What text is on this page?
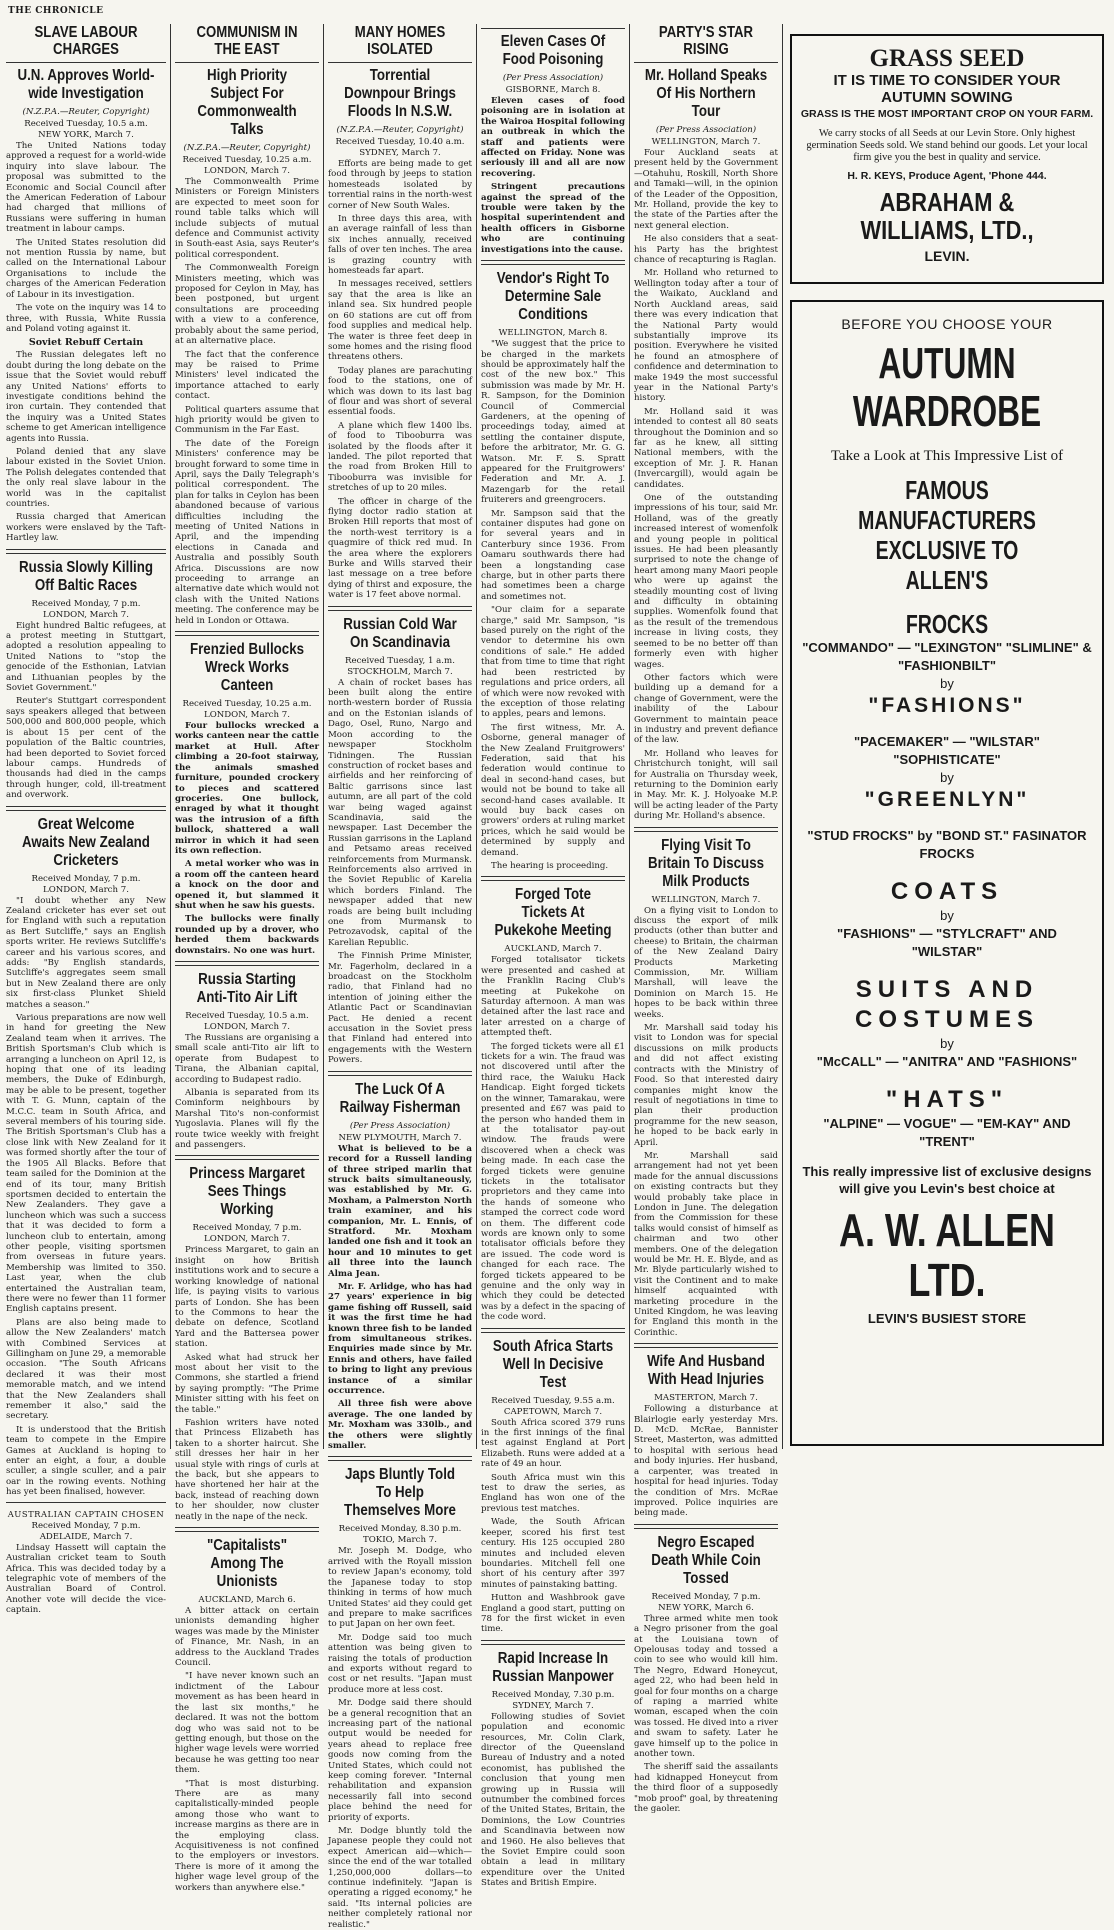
THE CHRONICLE
SLAVE LABOUR CHARGES
U.N. Approves World-wide Investigation
(N.Z.P.A.—Reuter, Copyright)
Received Tuesday, 10.5 a.m.
NEW YORK, March 7.

The United Nations today approved a request for a world-wide inquiry into slave labour. The proposal was submitted to the Economic and Social Council after the American Federation of Labour had charged that millions of Russians were suffering in human treatment in labour camps.

The United States resolution did not mention Russia by name, but called on the International Labour Organisations to include the charges of the American Federation of Labour in its investigation.

The vote on the inquiry was 14 to three, with Russia, White Russia and Poland voting against it.

Soviet Rebuff Certain

The Russian delegates left no doubt during the long debate on the issue that the Soviet would rebuff any United Nations' efforts to investigate conditions behind the iron curtain. They contended that the inquiry was a United States scheme to get American intelligence agents into Russia.

Poland denied that any slave labour existed in the Soviet Union. The Polish delegates contended that the only real slave labour in the world was in the capitalist countries.

Russia charged that American workers were enslaved by the Taft-Hartley law.

Russia Slowly Killing Off Baltic Races
Received Monday, 7 p.m.
LONDON, March 7.

Eight hundred Baltic refugees, at a protest meeting in Stuttgart, adopted a resolution appealing to United Nations to "stop the genocide of the Esthonian, Latvian and Lithuanian peoples by the Soviet Government."

Reuter's Stuttgart correspondent says speakers alleged that between 500,000 and 800,000 people, which is about 15 per cent of the population of the Baltic countries, had been deported to Soviet forced labour camps. Hundreds of thousands had died in the camps through hunger, cold, ill-treatment and overwork.

Great Welcome Awaits New Zealand Cricketers
Received Monday, 7 p.m.
LONDON, March 7.

"I doubt whether any New Zealand cricketer has ever set out for England with such a reputation as Bert Sutcliffe," says an English sports writer. He reviews Sutcliffe's career and his various scores, and adds: "By English standards, Sutcliffe's aggregates seem small but in New Zealand there are only six first-class Plunket Shield matches a season."

Various preparations are now well in hand for greeting the New Zealand team when it arrives. The British Sportsman's Club which is arranging a luncheon on April 12, is hoping that one of its leading members, the Duke of Edinburgh, may be able to be present, together with T. G. Munn, captain of the M.C.C. team in South Africa, and several members of his touring side. The British Sportsman's Club has a close link with New Zealand for it was formed shortly after the tour of the 1905 All Blacks. Before that team sailed for the Dominion at the end of its tour, many British sportsmen decided to entertain the New Zealanders. They gave a luncheon which was such a success that it was decided to form a luncheon club to entertain, among other people, visiting sportsmen from overseas in future years. Membership was limited to 350. Last year, when the club entertained the Australian team, there were no fewer than 11 former English captains present.

Plans are also being made to allow the New Zealanders' match with Combined Services at Gillingham on June 29, a memorable occasion. "The South Africans declared it was their most memorable match, and we intend that the New Zealanders shall remember it also," said the secretary.

It is understood that the British team to compete in the Empire Games at Auckland is hoping to enter an eight, a four, a double sculler, a single sculler, and a pair oar in the rowing events. Nothing has yet been finalised, however.

AUSTRALIAN CAPTAIN CHOSEN
Received Monday, 7 p.m.
ADELAIDE, March 7.

Lindsay Hassett will captain the Australian cricket team to South Africa. This was decided today by a telegraphic vote of members of the Australian Board of Control. Another vote will decide the vice-captain.

COMMUNISM IN THE EAST
High Priority Subject For Commonwealth Talks
(N.Z.P.A.—Reuter, Copyright)
Received Tuesday, 10.25 a.m.
LONDON, March 7.

The Commonwealth Prime Ministers or Foreign Ministers are expected to meet soon for round table talks which will include subjects of mutual defence and Communist activity in South-east Asia, says Reuter's political correspondent.

The Commonwealth Foreign Ministers meeting, which was proposed for Ceylon in May, has been postponed, but urgent consultations are proceeding with a view to a conference, probably about the same period, at an alternative place.

The fact that the conference may be raised to Prime Ministers' level indicated the importance attached to early contact.

Political quarters assume that high priority would be given to Communism in the Far East.

The date of the Foreign Ministers' conference may be brought forward to some time in April, says the Daily Telegraph's political correspondent. The plan for talks in Ceylon has been abandoned because of various difficulties including the meeting of United Nations in April, and the impending elections in Canada and Australia and possibly South Africa. Discussions are now proceeding to arrange an alternative date which would not clash with the United Nations meeting. The conference may be held in London or Ottawa.

Frenzied Bullocks Wreck Works Canteen
Received Tuesday, 10.25 a.m.
LONDON, March 7.

Four bullocks wrecked a works canteen near the cattle market at Hull. After climbing a 20-foot stairway, the animals smashed furniture, pounded crockery to pieces and scattered groceries. One bullock, enraged by what it thought was the intrusion of a fifth bullock, shattered a wall mirror in which it had seen its own reflection.

A metal worker who was in a room off the canteen heard a knock on the door and opened it, but slammed it shut when he saw his guests.

The bullocks were finally rounded up by a drover, who herded them backwards downstairs. No one was hurt.

Russia Starting Anti-Tito Air Lift
Received Tuesday, 10.5 a.m.
LONDON, March 7.

The Russians are organising a small scale anti-Tito air lift to operate from Budapest to Tirana, the Albanian capital, according to Budapest radio.

Albania is separated from its Cominform neighbours by Marshal Tito's non-conformist Yugoslavia. Planes will fly the route twice weekly with freight and passengers.

Princess Margaret Sees Things Working
Received Monday, 7 p.m.
LONDON, March 7.

Princess Margaret, to gain an insight on how British institutions work and to secure a working knowledge of national life, is paying visits to various parts of London. She has been to the Commons to hear the debate on defence, Scotland Yard and the Battersea power station.

Asked what had struck her most about her visit to the Commons, she startled a friend by saying promptly: "The Prime Minister sitting with his feet on the table."

Fashion writers have noted that Princess Elizabeth has taken to a shorter haircut. She still dresses her hair in her usual style with rings of curls at the back, but she appears to have shortened her hair at the back, instead of reaching down to her shoulder, now cluster neatly in the nape of the neck.

"Capitalists" Among The Unionists
AUCKLAND, March 6.

A bitter attack on certain unionists demanding higher wages was made by the Minister of Finance, Mr. Nash, in an address to the Auckland Trades Council.

"I have never known such an indictment of the Labour movement as has been heard in the last six months," he declared. It was not the bottom dog who was said not to be getting enough, but those on the higher wage levels were worried because he was getting too near them.

"That is most disturbing. There are as many capitalistically-minded people among those who want to increase margins as there are in the employing class. Acquisitiveness is not confined to the employers or investors. There is more of it among the higher wage level group of the workers than anywhere else."

MANY HOMES ISOLATED
Torrential Downpour Brings Floods In N.S.W.
(N.Z.P.A.—Reuter, Copyright)
Received Tuesday, 10.40 a.m.
SYDNEY, March 7.

Efforts are being made to get food through by jeeps to station homesteads isolated by torrential rains in the north-west corner of New South Wales.

In three days this area, with an average rainfall of less than six inches annually, received falls of over ten inches. The area is grazing country with homesteads far apart.

In messages received, settlers say that the area is like an inland sea. Six hundred people on 60 stations are cut off from food supplies and medical help. The water is three feet deep in some homes and the rising flood threatens others.

Today planes are parachuting food to the stations, one of which was down to its last bag of flour and was short of several essential foods.

A plane which flew 1400 lbs. of food to Tibooburra was isolated by the floods after it landed. The pilot reported that the road from Broken Hill to Tibooburra was invisible for stretches of up to 20 miles.

The officer in charge of the flying doctor radio station at Broken Hill reports that most of the north-west territory is a quagmire of thick red mud. In the area where the explorers Burke and Wills starved their last message on a tree before dying of thirst and exposure, the water is 17 feet above normal.

Russian Cold War On Scandinavia
Received Tuesday, 1 a.m.
STOCKHOLM, March 7.

A chain of rocket bases has been built along the entire north-western border of Russia and on the Estonian islands of Dago, Osel, Runo, Nargo and Moon according to the newspaper Stockholm Tidningen. The Russian construction of rocket bases and airfields and her reinforcing of Baltic garrisons since last autumn, are all part of the cold war being waged against Scandinavia, said the newspaper. Last December the Russian garrisons in the Lapland and Petsamo areas received reinforcements from Murmansk. Reinforcements also arrived in the Soviet Republic of Karelia which borders Finland. The newspaper added that new roads are being built including one from Murmansk to Petrozavodsk, capital of the Karelian Republic.

The Finnish Prime Minister, Mr. Fagerholm, declared in a broadcast on the Stockholm radio, that Finland had no intention of joining either the Atlantic Pact or Scandinavian Pact. He denied a recent accusation in the Soviet press that Finland had entered into engagements with the Western Powers.

The Luck Of A Railway Fisherman
(Per Press Association)
NEW PLYMOUTH, March 7.

What is believed to be a record for a Russell landing of three striped marlin that struck baits simultaneously, was established by Mr. G. Moxham, a Palmerston North train examiner, and his companion, Mr. L. Ennis, of Stratford. Mr. Moxham landed one fish and it took an hour and 10 minutes to get all three into the launch Alma Jean.

Mr. F. Arlidge, who has had 27 years' experience in big game fishing off Russell, said it was the first time he had known three fish to be landed from simultaneous strikes. Enquiries made since by Mr. Ennis and others, have failed to bring to light any previous instance of a similar occurrence.

All three fish were above average. The one landed by Mr. Moxham was 330lb., and the others were slightly smaller.

Japs Bluntly Told To Help Themselves More
Received Monday, 8.30 p.m.
TOKIO, March 7.

Mr. Joseph M. Dodge, who arrived with the Royall mission to review Japan's economy, told the Japanese today to stop thinking in terms of how much United States' aid they could get and prepare to make sacrifices to put Japan on her own feet.

Mr. Dodge said too much attention was being given to raising the totals of production and exports without regard to cost or net results. "Japan must produce more at less cost.

Mr. Dodge said there should be a general recognition that an increasing part of the national output would be needed for years ahead to replace free goods now coming from the United States, which could not keep coming forever. "Internal rehabilitation and expansion necessarily fall into second place behind the need for priority of exports.

Mr. Dodge bluntly told the Japanese people they could not expect American aid—which—since the end of the war totalled 1,250,000,000 dollars—to continue indefinitely. "Japan is operating a rigged economy," he said. "Its internal policies are neither completely rational nor realistic."

Eleven Cases Of Food Poisoning
(Per Press Association)
GISBORNE, March 8.

Eleven cases of food poisoning are in isolation at the Wairoa Hospital following an outbreak in which the staff and patients were affected on Friday. None was seriously ill and all are now recovering.

Stringent precautions against the spread of the trouble were taken by the hospital superintendent and health officers in Gisborne who are continuing investigations into the cause.

Vendor's Right To Determine Sale Conditions
WELLINGTON, March 8.

"We suggest that the price to be charged in the markets should be approximately half the cost of the new box." This submission was made by Mr. H. R. Sampson, for the Dominion Council of Commercial Gardeners, at the opening of proceedings today, aimed at settling the container dispute, before the arbitrator, Mr. G. G. Watson. Mr. F. S. Spratt appeared for the Fruitgrowers' Federation and Mr. A. J. Mazengarb for the retail fruiterers and greengrocers.

Mr. Sampson said that the container disputes had gone on for several years and in Canterbury since 1936. From Oamaru southwards there had been a longstanding case charge, but in other parts there had sometimes been a charge and sometimes not.

"Our claim for a separate charge," said Mr. Sampson, "is based purely on the right of the vendor to determine his own conditions of sale." He added that from time to time that right had been restricted by regulations and price orders, all of which were now revoked with the exception of those relating to apples, pears and lemons.

The first witness, Mr. A. Osborne, general manager of the New Zealand Fruitgrowers' Federation, said that his federation would continue to deal in second-hand cases, but would not be bound to take all second-hand cases available. It would buy back cases on growers' orders at ruling market prices, which he said would be determined by supply and demand.

The hearing is proceeding.

Forged Tote Tickets At Pukekohe Meeting
AUCKLAND, March 7.

Forged totalisator tickets were presented and cashed at the Franklin Racing Club's meeting at Pukekohe on Saturday afternoon. A man was detained after the last race and later arrested on a charge of attempted theft.

The forged tickets were all £1 tickets for a win. The fraud was not discovered until after the third race, the Waiuku Hack Handicap. Eight forged tickets on the winner, Tamarakau, were presented and £67 was paid to the person who handed them in at the totalisator pay-out window. The frauds were discovered when a check was being made. In each case the forged tickets were genuine tickets in the totalisator proprietors and they came into the hands of someone who stamped the correct code word on them. The different code words are known only to some totalisator officials before they are issued. The code word is changed for each race. The forged tickets appeared to be genuine and the only way in which they could be detected was by a defect in the spacing of the code word.

South Africa Starts Well In Decisive Test
Received Tuesday, 9.55 a.m.
CAPETOWN, March 7.

South Africa scored 379 runs in the first innings of the final test against England at Port Elizabeth. Runs were added at a rate of 49 an hour.

South Africa must win this test to draw the series, as England has won one of the previous test matches.

Wade, the South African keeper, scored his first test century. His 125 occupied 280 minutes and included eleven boundaries. Mitchell fell one short of his century after 397 minutes of painstaking batting.

Hutton and Washbrook gave England a good start, putting on 78 for the first wicket in even time.

Rapid Increase In Russian Manpower
Received Monday, 7.30 p.m.
SYDNEY, March 7.

Following studies of Soviet population and economic resources, Mr. Colin Clark, director of the Queensland Bureau of Industry and a noted economist, has published the conclusion that young men growing up in Russia will outnumber the combined forces of the United States, Britain, the Dominions, the Low Countries and Scandinavia between now and 1960. He also believes that the Soviet Empire could soon obtain a lead in military expenditure over the United States and British Empire.

PARTY'S STAR RISING
Mr. Holland Speaks Of His Northern Tour
(Per Press Association)
WELLINGTON, March 7.

Four Auckland seats at present held by the Government—Otahuhu, Roskill, North Shore and Tamaki—will, in the opinion of the Leader of the Opposition, Mr. Holland, provide the key to the state of the Parties after the next general election.

He also considers that a seat-his Party has the brightest chance of recapturing is Raglan.

Mr. Holland who returned to Wellington today after a tour of the Waikato, Auckland and North Auckland areas, said there was every indication that the National Party would substantially improve its position. Everywhere he visited he found an atmosphere of confidence and determination to make 1949 the most successful year in the National Party's history.

Mr. Holland said it was intended to contest all 80 seats throughout the Dominion and so far as he knew, all sitting National members, with the exception of Mr. J. R. Hanan (Invercargill), would again be candidates.

One of the outstanding impressions of his tour, said Mr. Holland, was of the greatly increased interest of womenfolk and young people in political issues. He had been pleasantly surprised to note the change of heart among many Maori people who were up against the steadily mounting cost of living and difficulty in obtaining supplies. Womenfolk found that as the result of the tremendous increase in living costs, they seemed to be no better off than formerly even with higher wages.

Other factors which were building up a demand for a change of Government, were the inability of the Labour Government to maintain peace in industry and prevent defiance of the law.

Mr. Holland who leaves for Christchurch tonight, will sail for Australia on Thursday week, returning to the Dominion early in May. Mr. K. J. Holyoake M.P. will be acting leader of the Party during Mr. Holland's absence.

Flying Visit To Britain To Discuss Milk Products
WELLINGTON, March 7.

On a flying visit to London to discuss the export of milk products (other than butter and cheese) to Britain, the chairman of the New Zealand Dairy Products Marketing Commission, Mr. William Marshall, will leave the Dominion on March 15. He hopes to be back within three weeks.

Mr. Marshall said today his visit to London was for special discussions on milk products and did not affect existing contracts with the Ministry of Food. So that interested dairy companies might know the result of negotiations in time to plan their production programme for the new season, he hoped to be back early in April.

Mr. Marshall said arrangement had not yet been made for the annual discussions on existing contracts but they would probably take place in London in June. The delegation from the Commission for these talks would consist of himself as chairman and two other members. One of the delegation would be Mr. H. E. Blyde, and as Mr. Blyde particularly wished to visit the Continent and to make himself acquainted with marketing procedure in the United Kingdom, he was leaving for England this month in the Corinthic.

Wife And Husband With Head Injuries
MASTERTON, March 7.

Following a disturbance at Blairlogie early yesterday Mrs. D. McD. McRae, Bannister Street, Masterton, was admitted to hospital with serious head and body injuries. Her husband, a carpenter, was treated in hospital for head injuries. Today the condition of Mrs. McRae improved. Police inquiries are being made.

Negro Escaped Death While Coin Tossed
Received Monday, 7 p.m.
NEW YORK, March 6.

Three armed white men took a Negro prisoner from the goal at the Louisiana town of Opelousas today and tossed a coin to see who would kill him. The Negro, Edward Honeycut, aged 22, who had been held in goal for four months on a charge of raping a married white woman, escaped when the coin was tossed. He dived into a river and swam to safety. Later he gave himself up to the police in another town.

The sheriff said the assailants had kidnapped Honeycut from the third floor of a supposedly "mob proof" goal, by threatening the gaoler.

GRASS SEED
IT IS TIME TO CONSIDER YOUR
AUTUMN SOWING
GRASS IS THE MOST IMPORTANT CROP ON YOUR FARM.
We carry stocks of all Seeds at our Levin Store. Only highest germination Seeds sold. We stand behind our goods. Let your local firm give you the best in quality and service.
H. R. KEYS, Produce Agent, 'Phone 444.
ABRAHAM & WILLIAMS, LTD.,
LEVIN.
BEFORE YOU CHOOSE YOUR
AUTUMN
WARDROBE
Take a Look at This Impressive List of
FAMOUS
MANUFACTURERS
EXCLUSIVE TO ALLEN'S
FROCKS
"COMMANDO" — "LEXINGTON" "SLIMLINE" & "FASHIONBILT"
by
"FASHIONS"
"PACEMAKER" — "WILSTAR" "SOPHISTICATE"
by
"GREENLYN"
"STUD FROCKS" by "BOND ST." FASINATOR FROCKS
COATS
by
"FASHIONS" — "STYLCRAFT" AND "WILSTAR"
SUITS AND COSTUMES
by
"McCALL" — "ANITRA" AND "FASHIONS"
"HATS"
"ALPINE" — VOGUE" — "EM-KAY" AND "TRENT"
This really impressive list of exclusive designs will give you Levin's best choice at
A. W. ALLEN LTD.
LEVIN'S BUSIEST STORE
